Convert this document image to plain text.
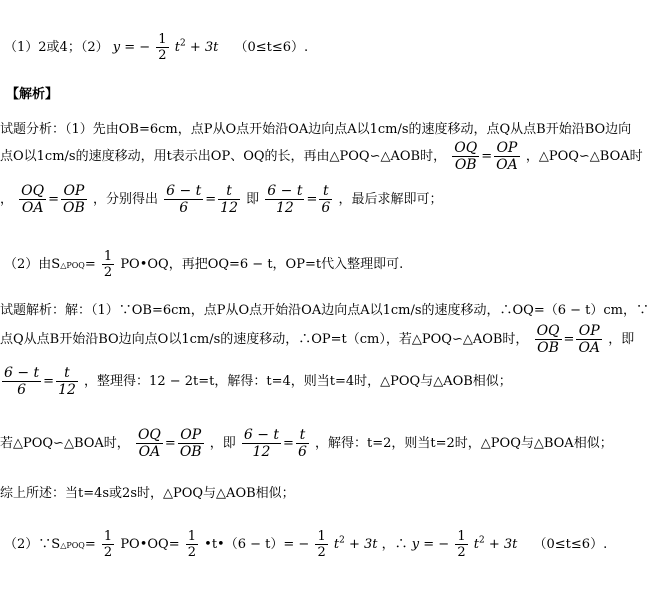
（1）2或4；（2） y = − $\frac{1}{2} t^2 + 3t$ （0≤t≤6）.
【解析】
试题分析：（1）先由OB=6cm，点P从O点开始沿OA边向点A以1cm/s的速度移动，点Q从点B开始沿BO边向
点O以1cm/s的速度移动，用t表示出OP、OQ的长，再由△POQ∽△AOB时， $\frac{OQ}{OB} = \frac{OP}{OA}$ ，△POQ∽△BOA时
， $\frac{OQ}{OA} = \frac{OP}{OB}$ ，分别得出 $\frac{6 - t}{6} = \frac{t}{12}$ 即 $\frac{6 - t}{12} = \frac{t}{6}$ ，最后求解即可；
（2）由S△POQ= $\frac{1}{2}$ PO•OQ，再把OQ=6 − t，OP=t代入整理即可.
试题解析：解：（1）∵OB=6cm，点P从O点开始沿OA边向点A以1cm/s的速度移动，∴OQ=（6 − t）cm，∵
点Q从点B开始沿BO边向点O以1cm/s的速度移动，∴OP=t（cm），若△POQ∽△AOB时， $\frac{OQ}{OB} = \frac{OP}{OA}$ ，即
$\frac{6 - t}{6} = \frac{t}{12}$ ，整理得：12 − 2t=t，解得：t=4，则当t=4时，△POQ与△AOB相似；
若△POQ∽△BOA时， $\frac{OQ}{OA} = \frac{OP}{OB}$ ，即 $\frac{6 - t}{12} = \frac{t}{6}$ ，解得：t=2，则当t=2时，△POQ与△BOA相似；
综上所述：当t=4s或2s时，△POQ与△AOB相似；
（2）∵S△POQ= $\frac{1}{2}$ PO•OQ= $\frac{1}{2}$ •t•（6 − $t)= - \frac{1}{2} t^2 + 3t$ ，∴ y = − $\frac{1}{2} t^2 + 3t$ （0≤t≤6）.
